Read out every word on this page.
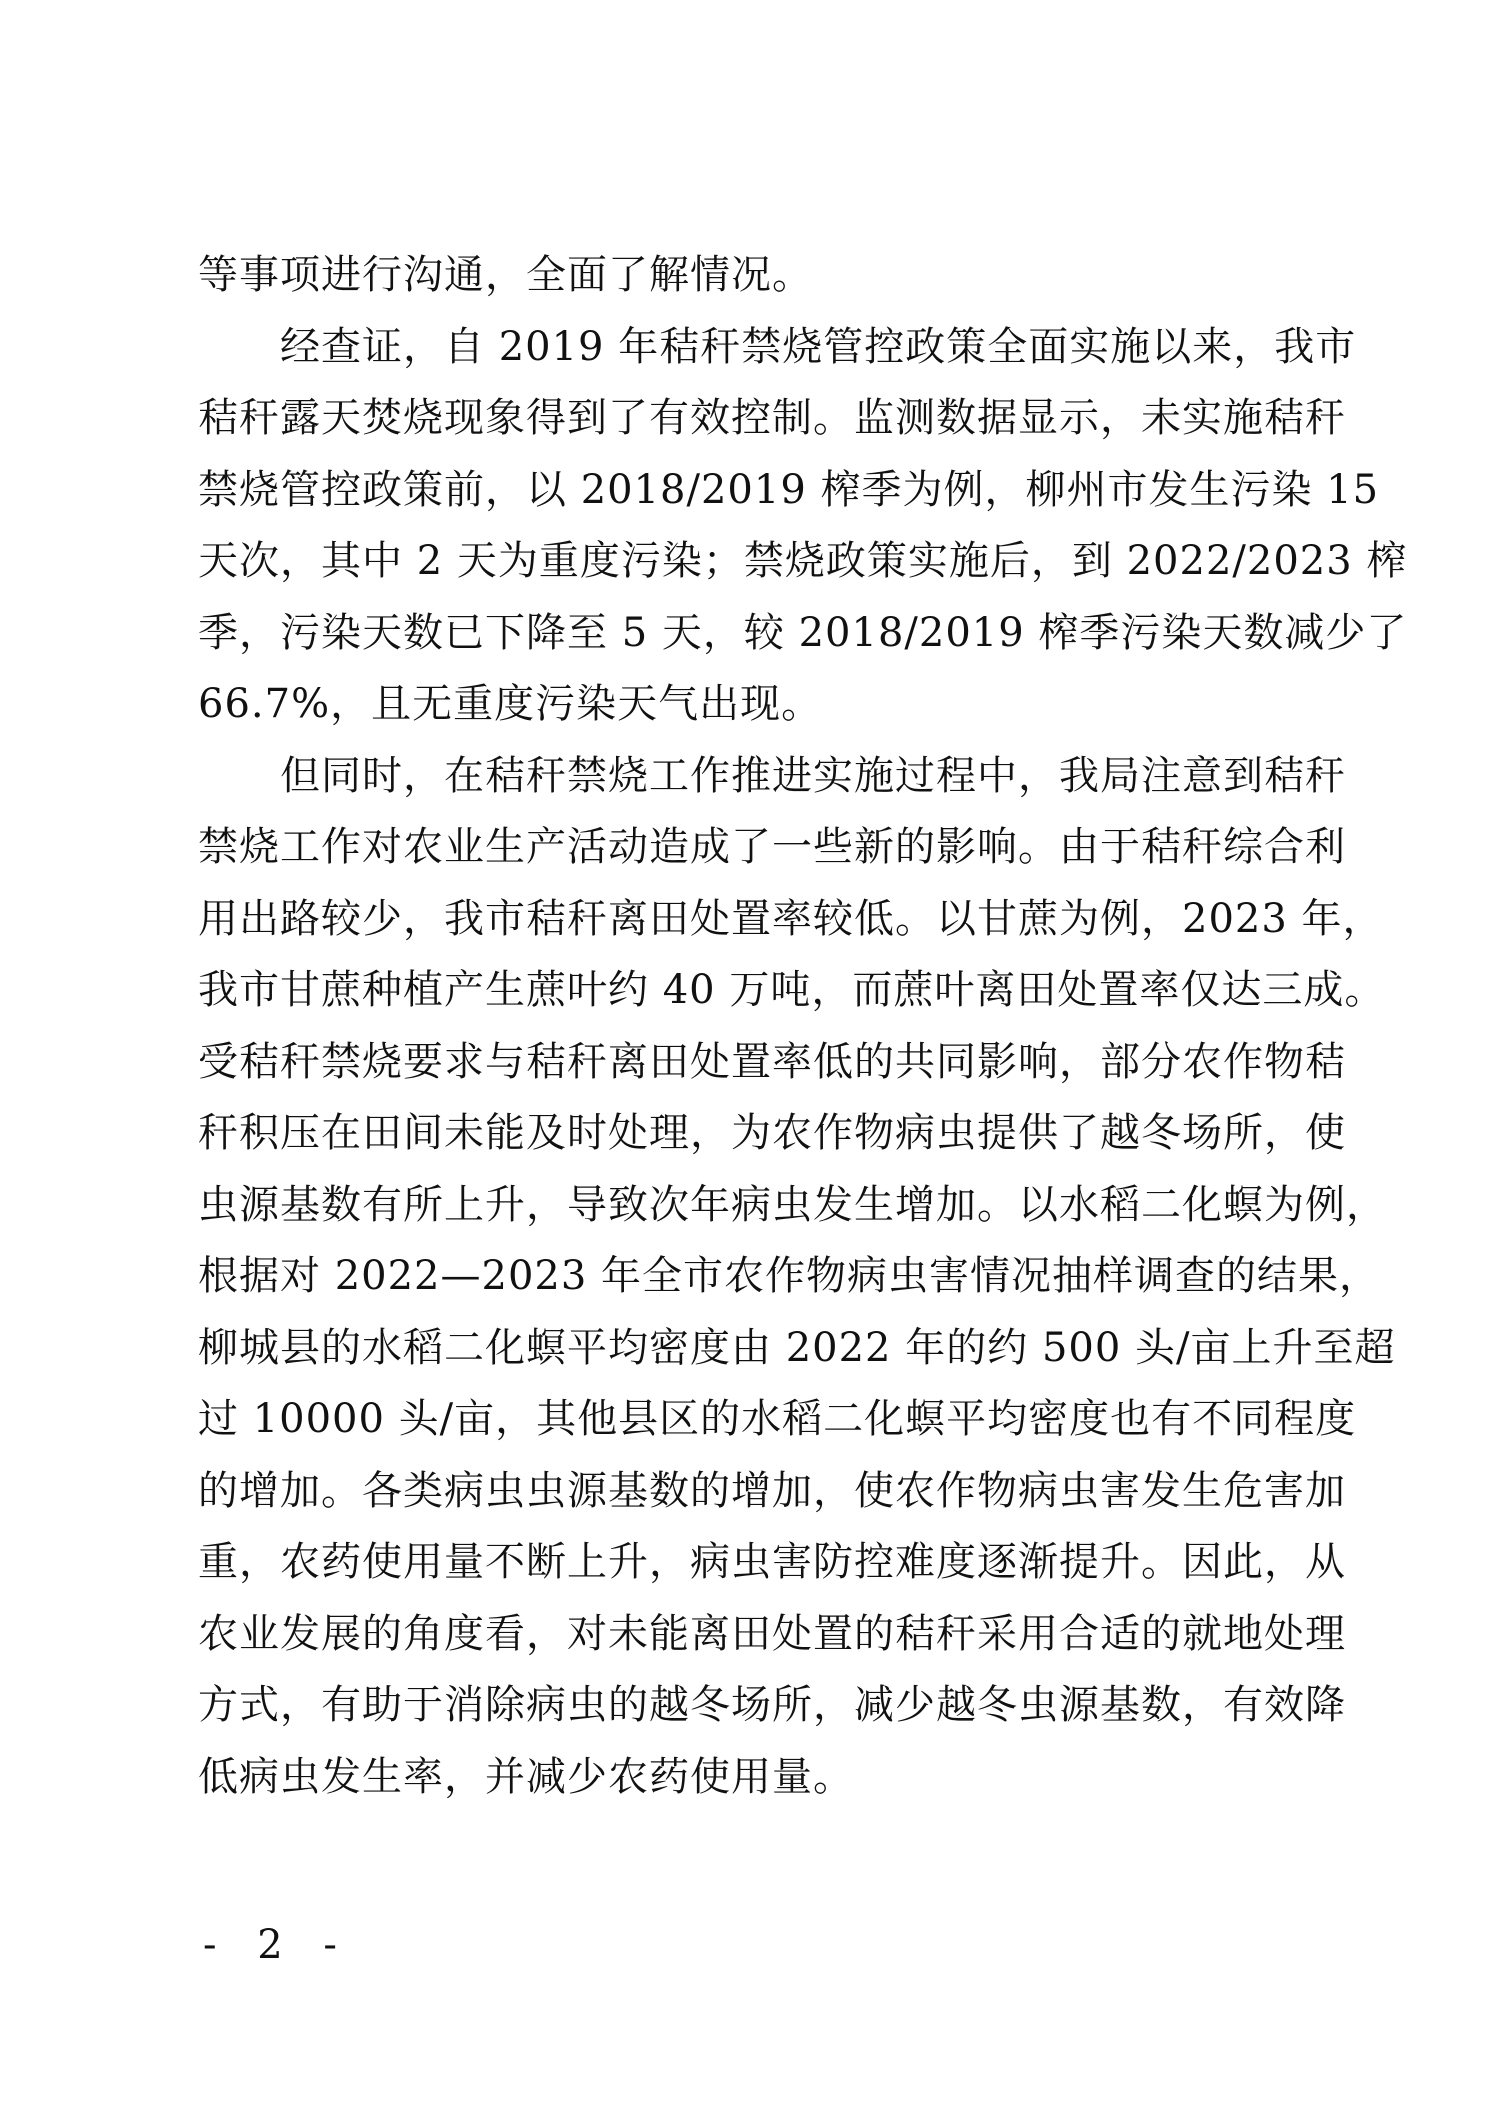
等事项进行沟通，全面了解情况。
经查证，自 2019 年秸秆禁烧管控政策全面实施以来，我市
秸秆露天焚烧现象得到了有效控制。监测数据显示，未实施秸秆
禁烧管控政策前，以 2018/2019 榨季为例，柳州市发生污染 15
天次，其中 2 天为重度污染；禁烧政策实施后，到 2022/2023 榨
季，污染天数已下降至 5 天，较 2018/2019 榨季污染天数减少了
66.7%，且无重度污染天气出现。
但同时，在秸秆禁烧工作推进实施过程中，我局注意到秸秆
禁烧工作对农业生产活动造成了一些新的影响。由于秸秆综合利
用出路较少，我市秸秆离田处置率较低。以甘蔗为例，2023 年，
我市甘蔗种植产生蔗叶约 40 万吨，而蔗叶离田处置率仅达三成。
受秸秆禁烧要求与秸秆离田处置率低的共同影响，部分农作物秸
秆积压在田间未能及时处理，为农作物病虫提供了越冬场所，使
虫源基数有所上升，导致次年病虫发生增加。以水稻二化螟为例，
根据对 2022—2023 年全市农作物病虫害情况抽样调查的结果，
柳城县的水稻二化螟平均密度由 2022 年的约 500 头/亩上升至超
过 10000 头/亩，其他县区的水稻二化螟平均密度也有不同程度
的增加。各类病虫虫源基数的增加，使农作物病虫害发生危害加
重，农药使用量不断上升，病虫害防控难度逐渐提升。因此，从
农业发展的角度看，对未能离田处置的秸秆采用合适的就地处理
方式，有助于消除病虫的越冬场所，减少越冬虫源基数，有效降
低病虫发生率，并减少农药使用量。
- 2 -
